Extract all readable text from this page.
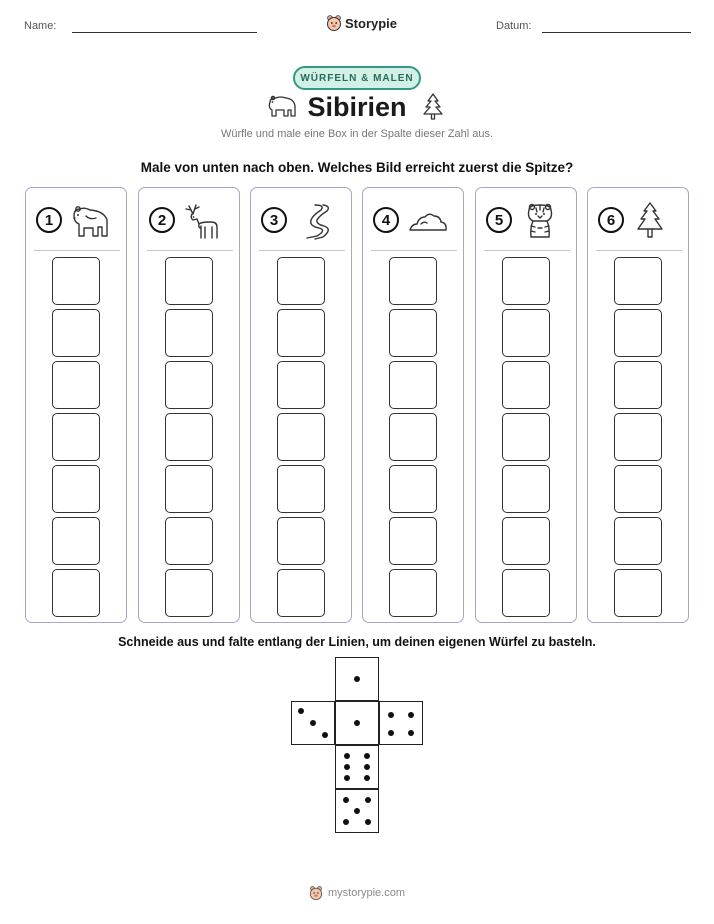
Name:	Storypie	Datum:
WÜRFELN & MALEN
Sibirien
Würfle und male eine Box in der Spalte dieser Zahl aus.
Male von unten nach oben. Welches Bild erreicht zuerst die Spitze?
1	2	3	4	5	6
Schneide aus und falte entlang der Linien, um deinen eigenen Würfel zu basteln.
mystorypie.com
